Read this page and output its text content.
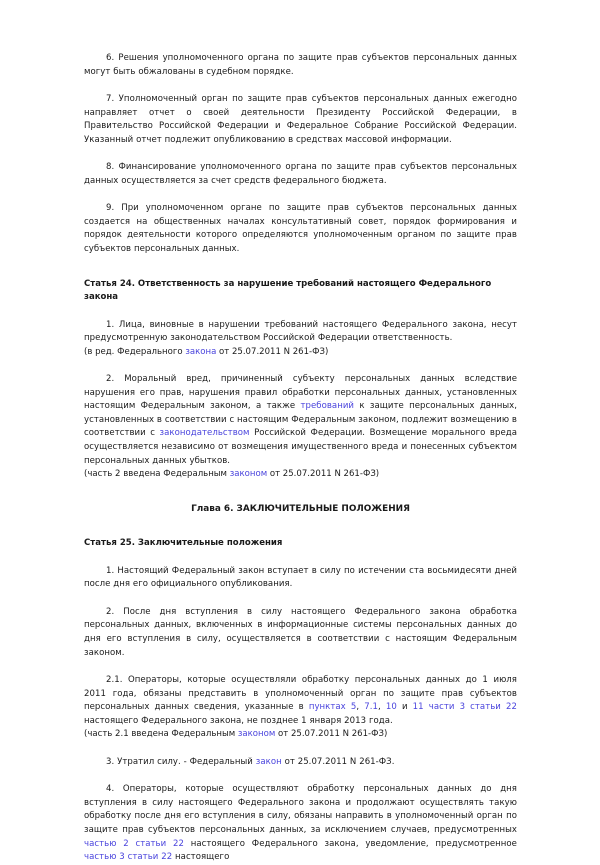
6. Решения уполномоченного органа по защите прав субъектов персональных данных могут быть обжалованы в судебном порядке.

7. Уполномоченный орган по защите прав субъектов персональных данных ежегодно направляет отчет о своей деятельности Президенту Российской Федерации, в Правительство Российской Федерации и Федеральное Собрание Российской Федерации. Указанный отчет подлежит опубликованию в средствах массовой информации.

8. Финансирование уполномоченного органа по защите прав субъектов персональных данных осуществляется за счет средств федерального бюджета.

9. При уполномоченном органе по защите прав субъектов персональных данных создается на общественных началах консультативный совет, порядок формирования и порядок деятельности которого определяются уполномоченным органом по защите прав субъектов персональных данных.

Статья 24. Ответственность за нарушение требований настоящего Федерального закона

1. Лица, виновные в нарушении требований настоящего Федерального закона, несут предусмотренную законодательством Российской Федерации ответственность.

(в ред. Федерального закона от 25.07.2011 N 261-ФЗ)

2. Моральный вред, причиненный субъекту персональных данных вследствие нарушения его прав, нарушения правил обработки персональных данных, установленных настоящим Федеральным законом, а также требований к защите персональных данных, установленных в соответствии с настоящим Федеральным законом, подлежит возмещению в соответствии с законодательством Российской Федерации. Возмещение морального вреда осуществляется независимо от возмещения имущественного вреда и понесенных субъектом персональных данных убытков.

(часть 2 введена Федеральным законом от 25.07.2011 N 261-ФЗ)

Глава 6. ЗАКЛЮЧИТЕЛЬНЫЕ ПОЛОЖЕНИЯ
Статья 25. Заключительные положения

1. Настоящий Федеральный закон вступает в силу по истечении ста восьмидесяти дней после дня его официального опубликования.

2. После дня вступления в силу настоящего Федерального закона обработка персональных данных, включенных в информационные системы персональных данных до дня его вступления в силу, осуществляется в соответствии с настоящим Федеральным законом.

2.1. Операторы, которые осуществляли обработку персональных данных до 1 июля 2011 года, обязаны представить в уполномоченный орган по защите прав субъектов персональных данных сведения, указанные в пунктах 5, 7.1, 10 и 11 части 3 статьи 22 настоящего Федерального закона, не позднее 1 января 2013 года.

(часть 2.1 введена Федеральным законом от 25.07.2011 N 261-ФЗ)

3. Утратил силу. - Федеральный закон от 25.07.2011 N 261-ФЗ.

4. Операторы, которые осуществляют обработку персональных данных до дня вступления в силу настоящего Федерального закона и продолжают осуществлять такую обработку после дня его вступления в силу, обязаны направить в уполномоченный орган по защите прав субъектов персональных данных, за исключением случаев, предусмотренных частью 2 статьи 22 настоящего Федерального закона, уведомление, предусмотренное частью 3 статьи 22 настоящего
